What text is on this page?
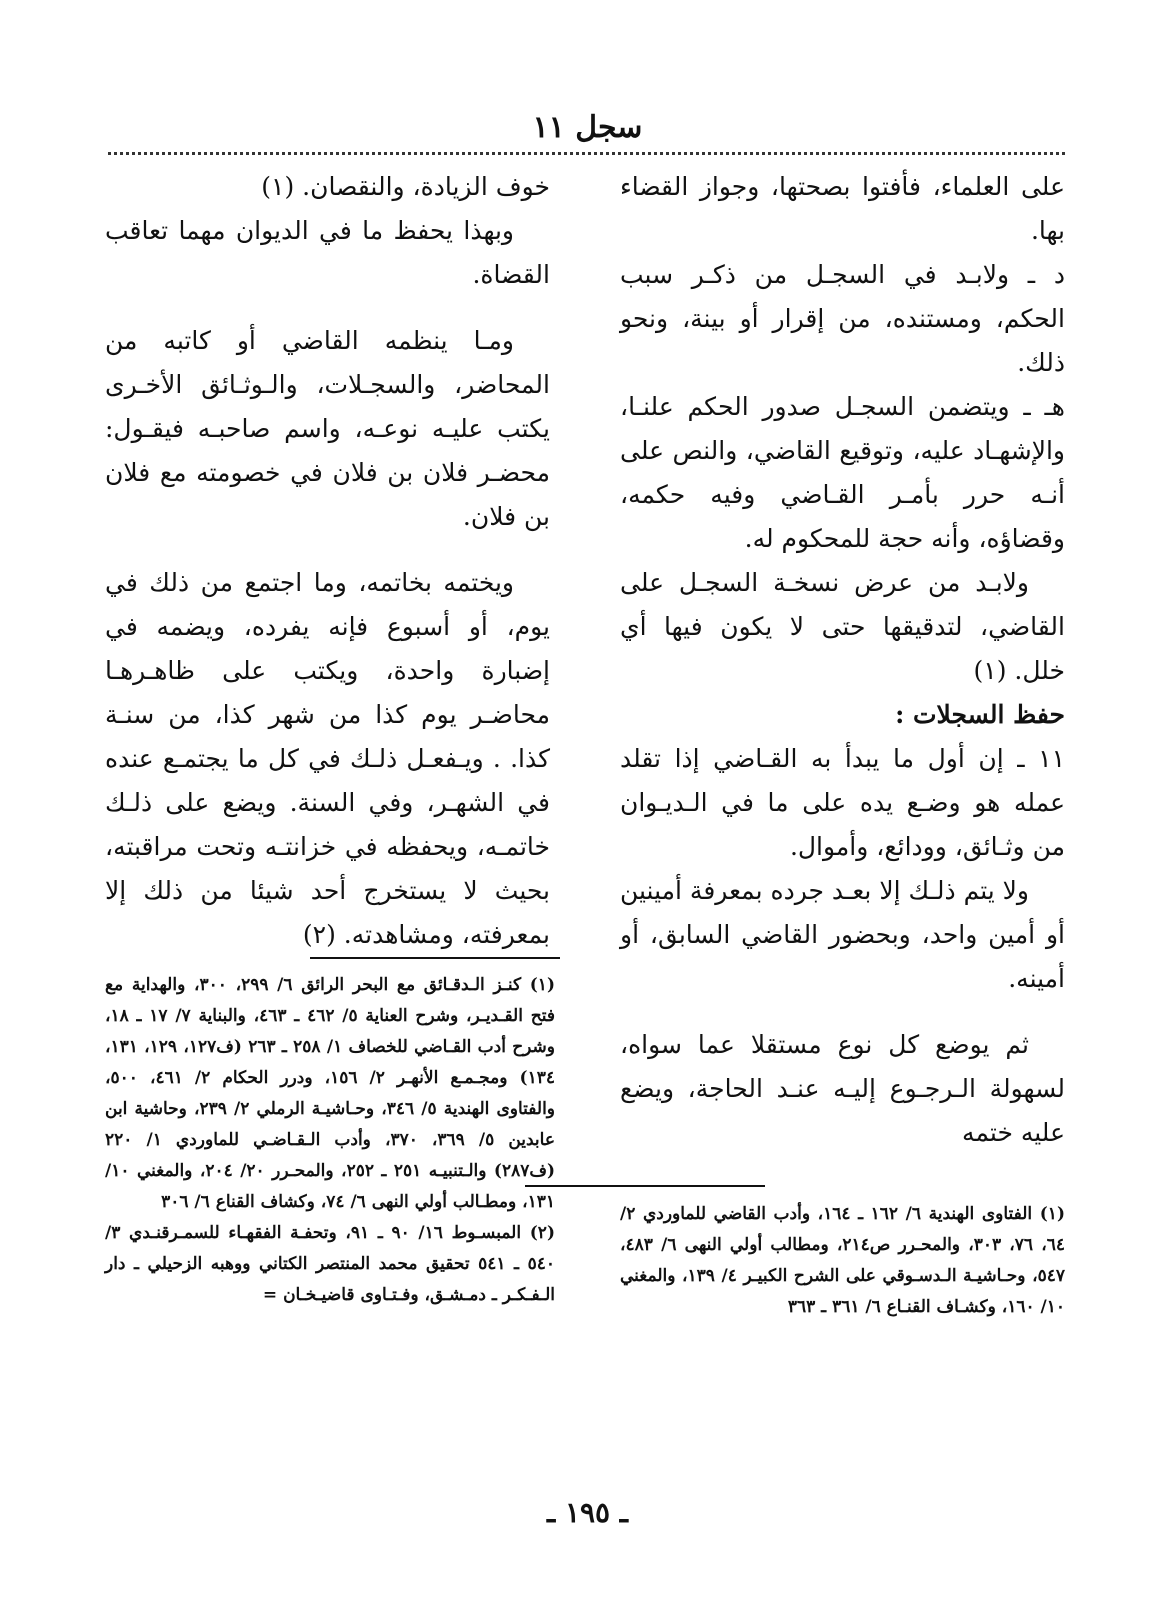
سجل ١١

على العلماء، فأفتوا بصحتها، وجواز القضاء بها.

د ـ ولابـد في السجـل من ذكـر سبب الحكم، ومستنده، من إقرار أو بينة، ونحو ذلك.

هـ ـ ويتضمن السجـل صدور الحكم علنـا، والإشهـاد عليه، وتوقيع القاضي، والنص على أنـه حرر بأمـر القـاضي وفيه حكمه، وقضاؤه، وأنه حجة للمحكوم له.

ولابـد من عرض نسخـة السجـل على القاضي، لتدقيقها حتى لا يكون فيها أي خلل. (١)

حفظ السجلات :

١١ ـ إن أول ما يبدأ به القـاضي إذا تقلد عمله هو وضـع يده على ما في الـديـوان من وثـائق، وودائع، وأموال.

ولا يتم ذلـك إلا بعـد جرده بمعرفة أمينين أو أمين واحد، وبحضور القاضي السابق، أو أمينه.

ثم يوضع كل نوع مستقلا عما سواه، لسهولة الـرجـوع إليـه عنـد الحاجة، ويضع عليه ختمه

خوف الزيادة، والنقصان. (١)

وبهذا يحفظ ما في الديوان مهما تعاقب القضاة.

ومـا ينظمه القاضي أو كاتبه من المحاضر، والسجـلات، والـوثـائق الأخـرى يكتب عليـه نوعـه، واسم صاحبـه فيقـول: محضـر فلان بن فلان في خصومته مع فلان بن فلان.

ويختمه بخاتمه، وما اجتمع من ذلك في يوم، أو أسبوع فإنه يفرده، ويضمه في إضبارة واحدة، ويكتب على ظاهـرهـا محاضـر يوم كذا من شهر كذا، من سنـة كذا. . ويـفعـل ذلـك في كل ما يجتمـع عنده في الشهـر، وفي السنة. ويضع على ذلـك خاتمـه، ويحفظه في خزانتـه وتحت مراقبته، بحيث لا يستخرج أحد شيئا من ذلك إلا بمعرفته، ومشاهدته. (٢)

(١) كنـز الـدقـائق مع البحر الرائق ٦/ ٢٩٩، ٣٠٠، والهداية مع فتح القـديـر، وشرح العناية ٥/ ٤٦٢ ـ ٤٦٣، والبناية ٧/ ١٧ ـ ١٨، وشرح أدب القـاضي للخصاف ١/ ٢٥٨ ـ ٢٦٣ (ف١٢٧، ١٢٩، ١٣١، ١٣٤) ومجـمـع الأنهـر ٢/ ١٥٦، ودرر الحكام ٢/ ٤٦١، ٥٠٠، والفتاوى الهندية ٥/ ٣٤٦، وحـاشيـة الرملي ٢/ ٢٣٩، وحاشية ابن عابدين ٥/ ٣٦٩، ٣٧٠، وأدب الـقـاضـي للماوردي ١/ ٢٢٠ (ف٢٨٧) والـتنبيـه ٢٥١ ـ ٢٥٢، والمحـرر ٢٠/ ٢٠٤، والمغني ١٠/ ١٣١، ومطـالب أولي النهى ٦/ ٧٤، وكشاف القناع ٦/ ٣٠٦

(٢) المبسـوط ١٦/ ٩٠ ـ ٩١، وتحفـة الفقهـاء للسمـرقنـدي ٣/ ٥٤٠ ـ ٥٤١ تحقيق محمد المنتصر الكتاني ووهبه الزحيلي ـ دار الـفـكـر ـ دمـشـق، وفـتـاوى قاضيـخـان =

(١) الفتاوى الهندية ٦/ ١٦٢ ـ ١٦٤، وأدب القاضي للماوردي ٢/ ٦٤، ٧٦، ٣٠٣، والمحـرر ص٢١٤، ومطالب أولي النهى ٦/ ٤٨٣، ٥٤٧، وحـاشيـة الـدسـوقي على الشرح الكبيـر ٤/ ١٣٩، والمغني ١٠/ ١٦٠، وكشـاف القنـاع ٦/ ٣٦١ ـ ٣٦٣

ـ ١٩٥ ـ
